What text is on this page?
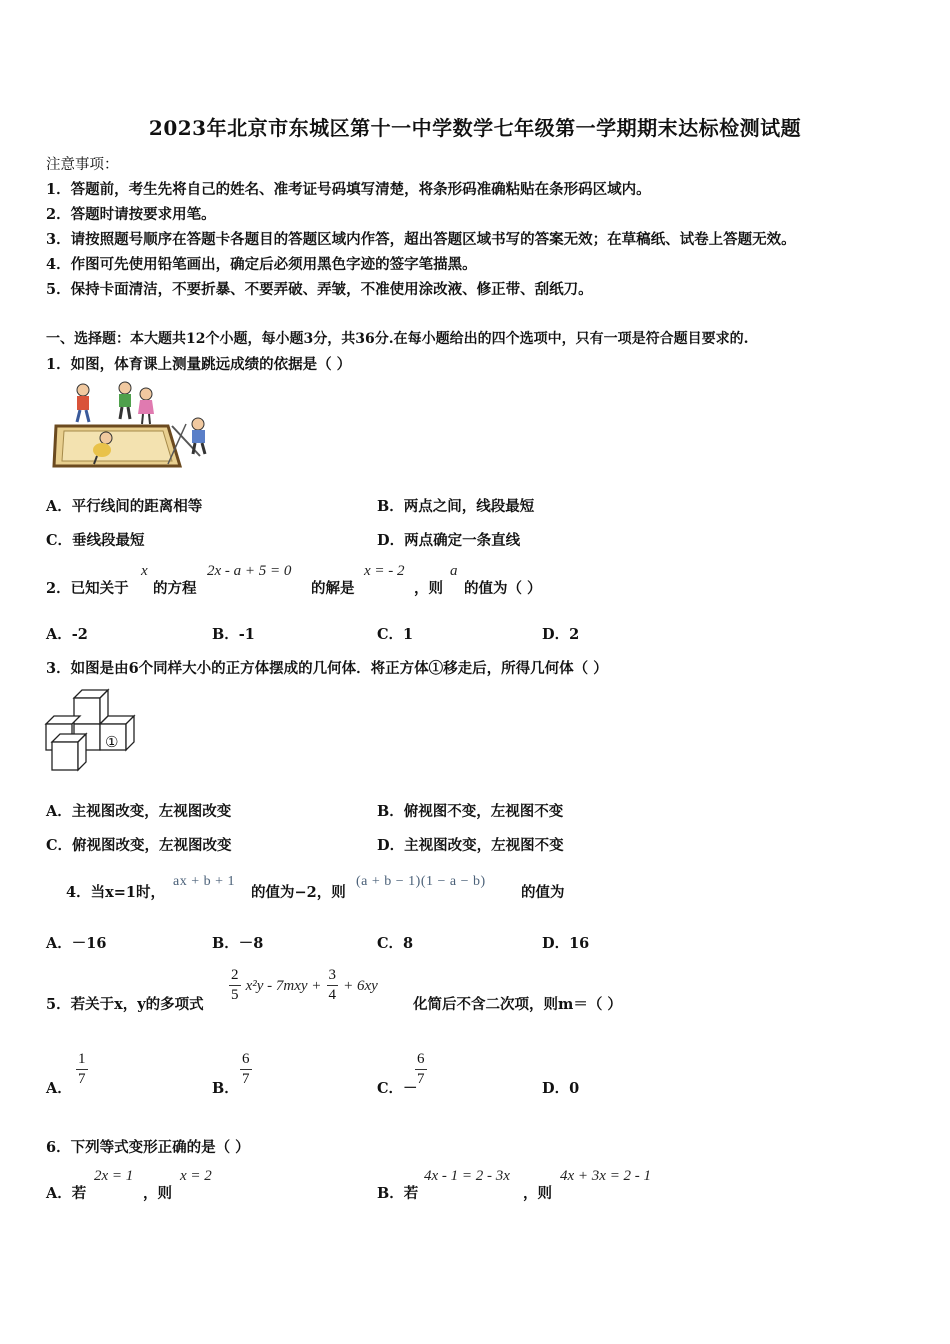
2023年北京市东城区第十一中学数学七年级第一学期期末达标检测试题
注意事项：
1．答题前，考生先将自己的姓名、准考证号码填写清楚，将条形码准确粘贴在条形码区域内。
2．答题时请按要求用笔。
3．请按照题号顺序在答题卡各题目的答题区域内作答，超出答题区域书写的答案无效；在草稿纸、试卷上答题无效。
4．作图可先使用铅笔画出，确定后必须用黑色字迹的签字笔描黑。
5．保持卡面清洁，不要折暴、不要弄破、弄皱，不准使用涂改液、修正带、刮纸刀。
一、选择题：本大题共12个小题，每小题3分，共36分.在每小题给出的四个选项中，只有一项是符合题目要求的.
1．如图，体育课上测量跳远成绩的依据是（ ）
A．平行线间的距离相等	B．两点之间，线段最短
C．垂线段最短	D．两点确定一条直线
2．已知关于
x
的方程
2x - a + 5 = 0
的解是
x = - 2
，则
a
的值为（ ）
A．-2	B．-1	C．1	D．2
3．如图是由6个同样大小的正方体摆成的几何体．将正方体①移走后，所得几何体（ ）
①
A．主视图改变，左视图改变	B．俯视图不变，左视图不变
C．俯视图改变，左视图改变	D．主视图改变，左视图不变
4．当x=1时，
ax + b + 1
的值为−2，则
(a + b − 1)(1 − a − b)
的值为
A．－16	B．－8	C．8	D．16
5．若关于x，y的多项式
$\frac{2}{5} x^2y - 7mxy + \frac{3}{4} + 6xy$
化简后不含二次项，则m＝（ ）
A．
$\frac{1}{7}$
B．
$\frac{6}{7}$
C．－
$\frac{6}{7}$
D．0
6．下列等式变形正确的是（ ）
A．若
2x = 1
，则
x = 2
B．若
4x - 1 = 2 - 3x
，则
4x + 3x = 2 - 1
